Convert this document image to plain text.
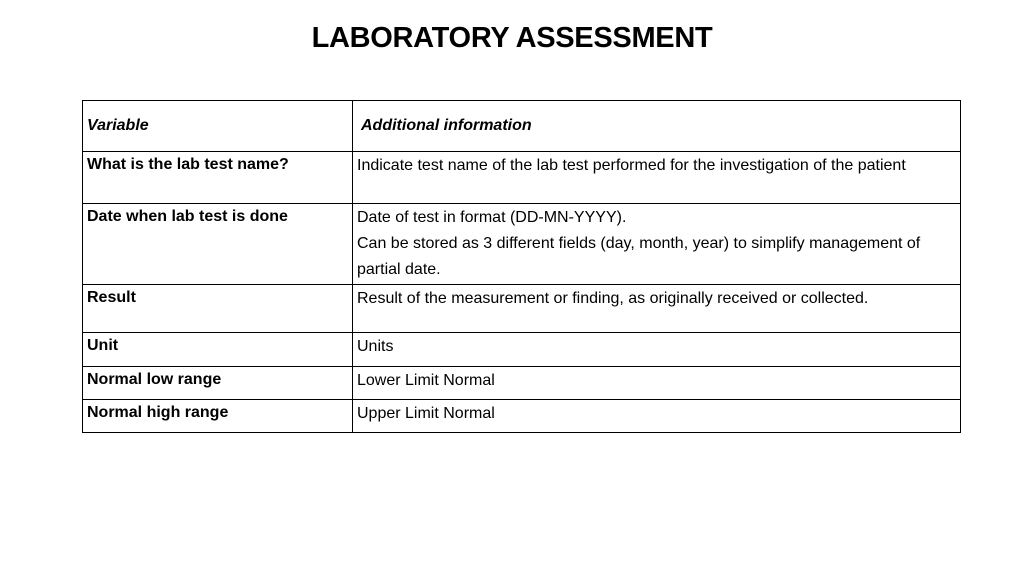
LABORATORY ASSESSMENT
Variable	Additional information

What is the lab test name?	Indicate test name of the lab test performed for the investigation of the patient

Date when lab test is done	Date of test in format (DD-MN-YYYY).
Can be stored as 3 different fields (day, month, year) to simplify management of partial date.

Result	Result of the measurement or finding, as originally received or collected.

Unit	Units

Normal low range	Lower Limit Normal

Normal high range	Upper Limit Normal
